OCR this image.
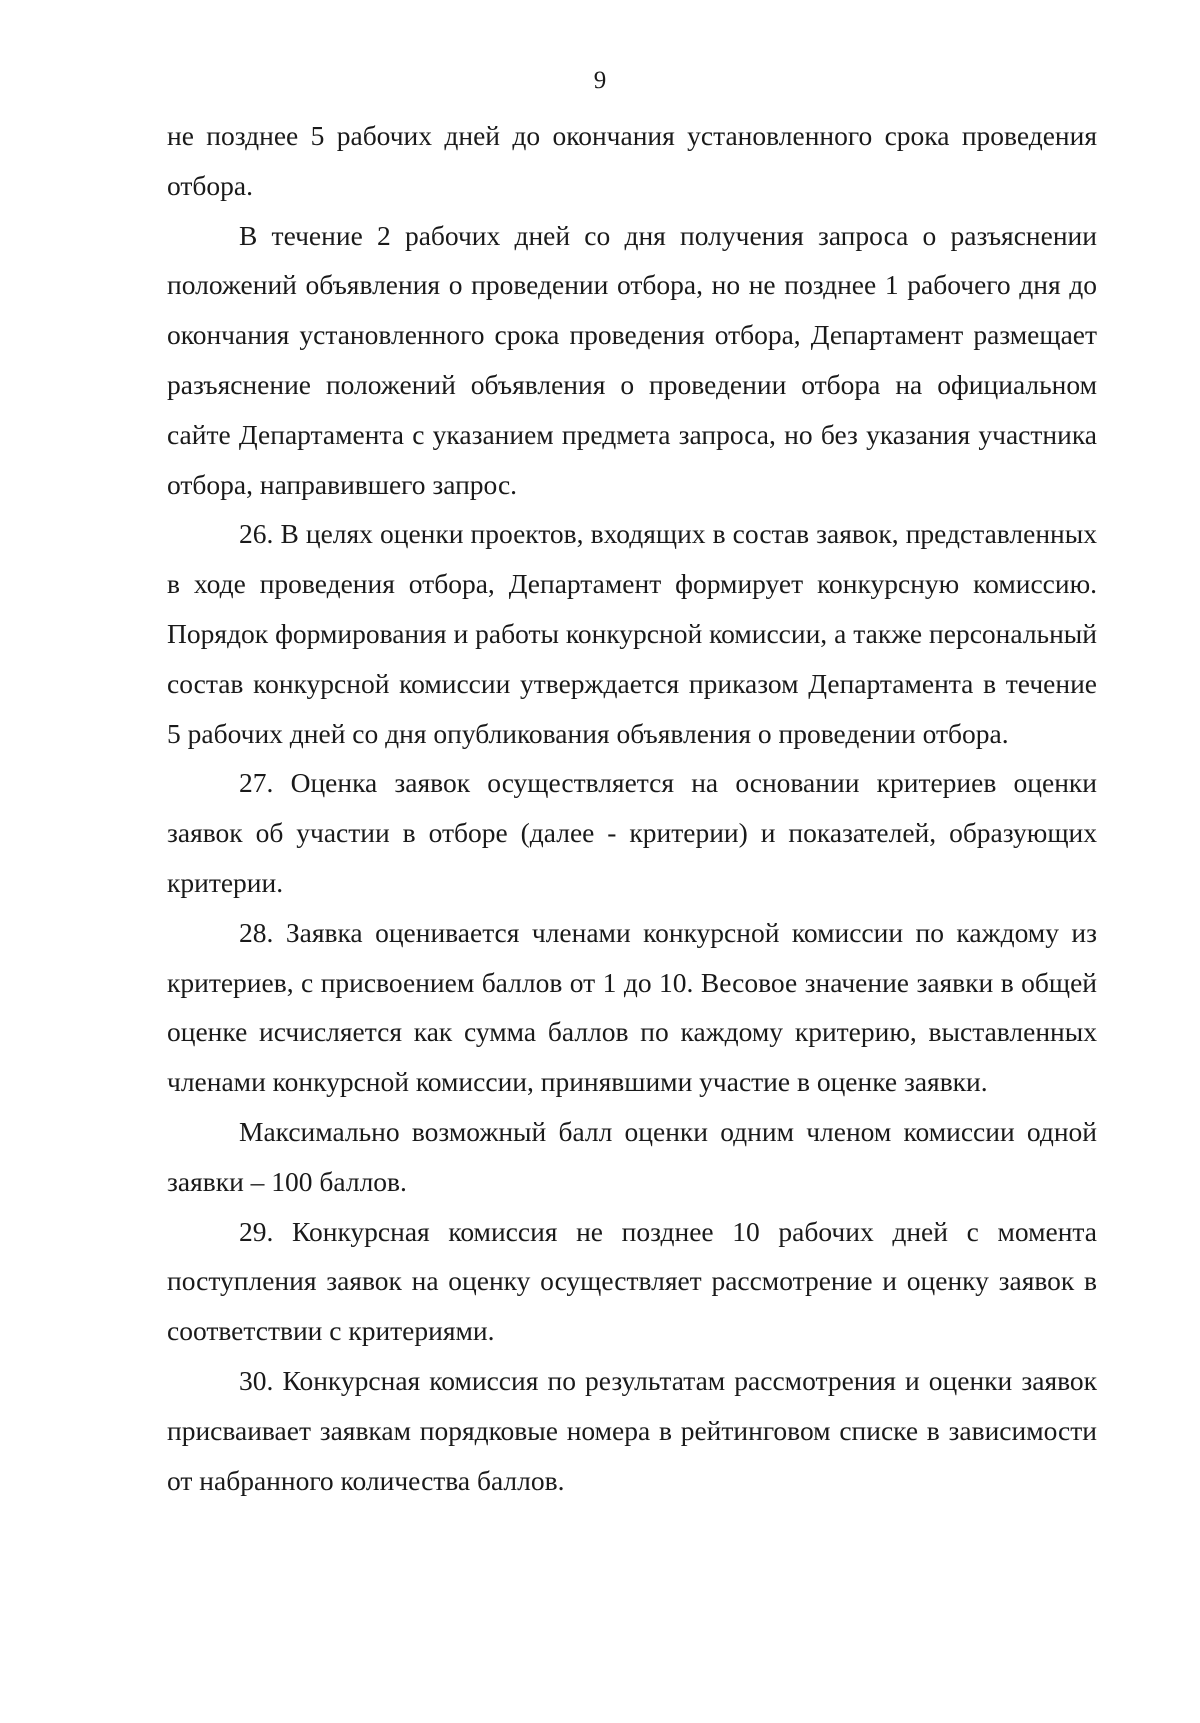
9

не позднее 5 рабочих дней до окончания установленного срока проведения отбора.

В течение 2 рабочих дней со дня получения запроса о разъяснении положений объявления о проведении отбора, но не позднее 1 рабочего дня до окончания установленного срока проведения отбора, Департамент размещает разъяснение положений объявления о проведении отбора на официальном сайте Департамента с указанием предмета запроса, но без указания участника отбора, направившего запрос.

26. В целях оценки проектов, входящих в состав заявок, представленных в ходе проведения отбора, Департамент формирует конкурсную комиссию. Порядок формирования и работы конкурсной комиссии, а также персональный состав конкурсной комиссии утверждается приказом Департамента в течение 5 рабочих дней со дня опубликования объявления о проведении отбора.

27. Оценка заявок осуществляется на основании критериев оценки заявок об участии в отборе (далее - критерии) и показателей, образующих критерии.

28. Заявка оценивается членами конкурсной комиссии по каждому из критериев, с присвоением баллов от 1 до 10. Весовое значение заявки в общей оценке исчисляется как сумма баллов по каждому критерию, выставленных членами конкурсной комиссии, принявшими участие в оценке заявки.

Максимально возможный балл оценки одним членом комиссии одной заявки – 100 баллов.

29. Конкурсная комиссия не позднее 10 рабочих дней с момента поступления заявок на оценку осуществляет рассмотрение и оценку заявок в соответствии с критериями.

30. Конкурсная комиссия по результатам рассмотрения и оценки заявок присваивает заявкам порядковые номера в рейтинговом списке в зависимости от набранного количества баллов.
